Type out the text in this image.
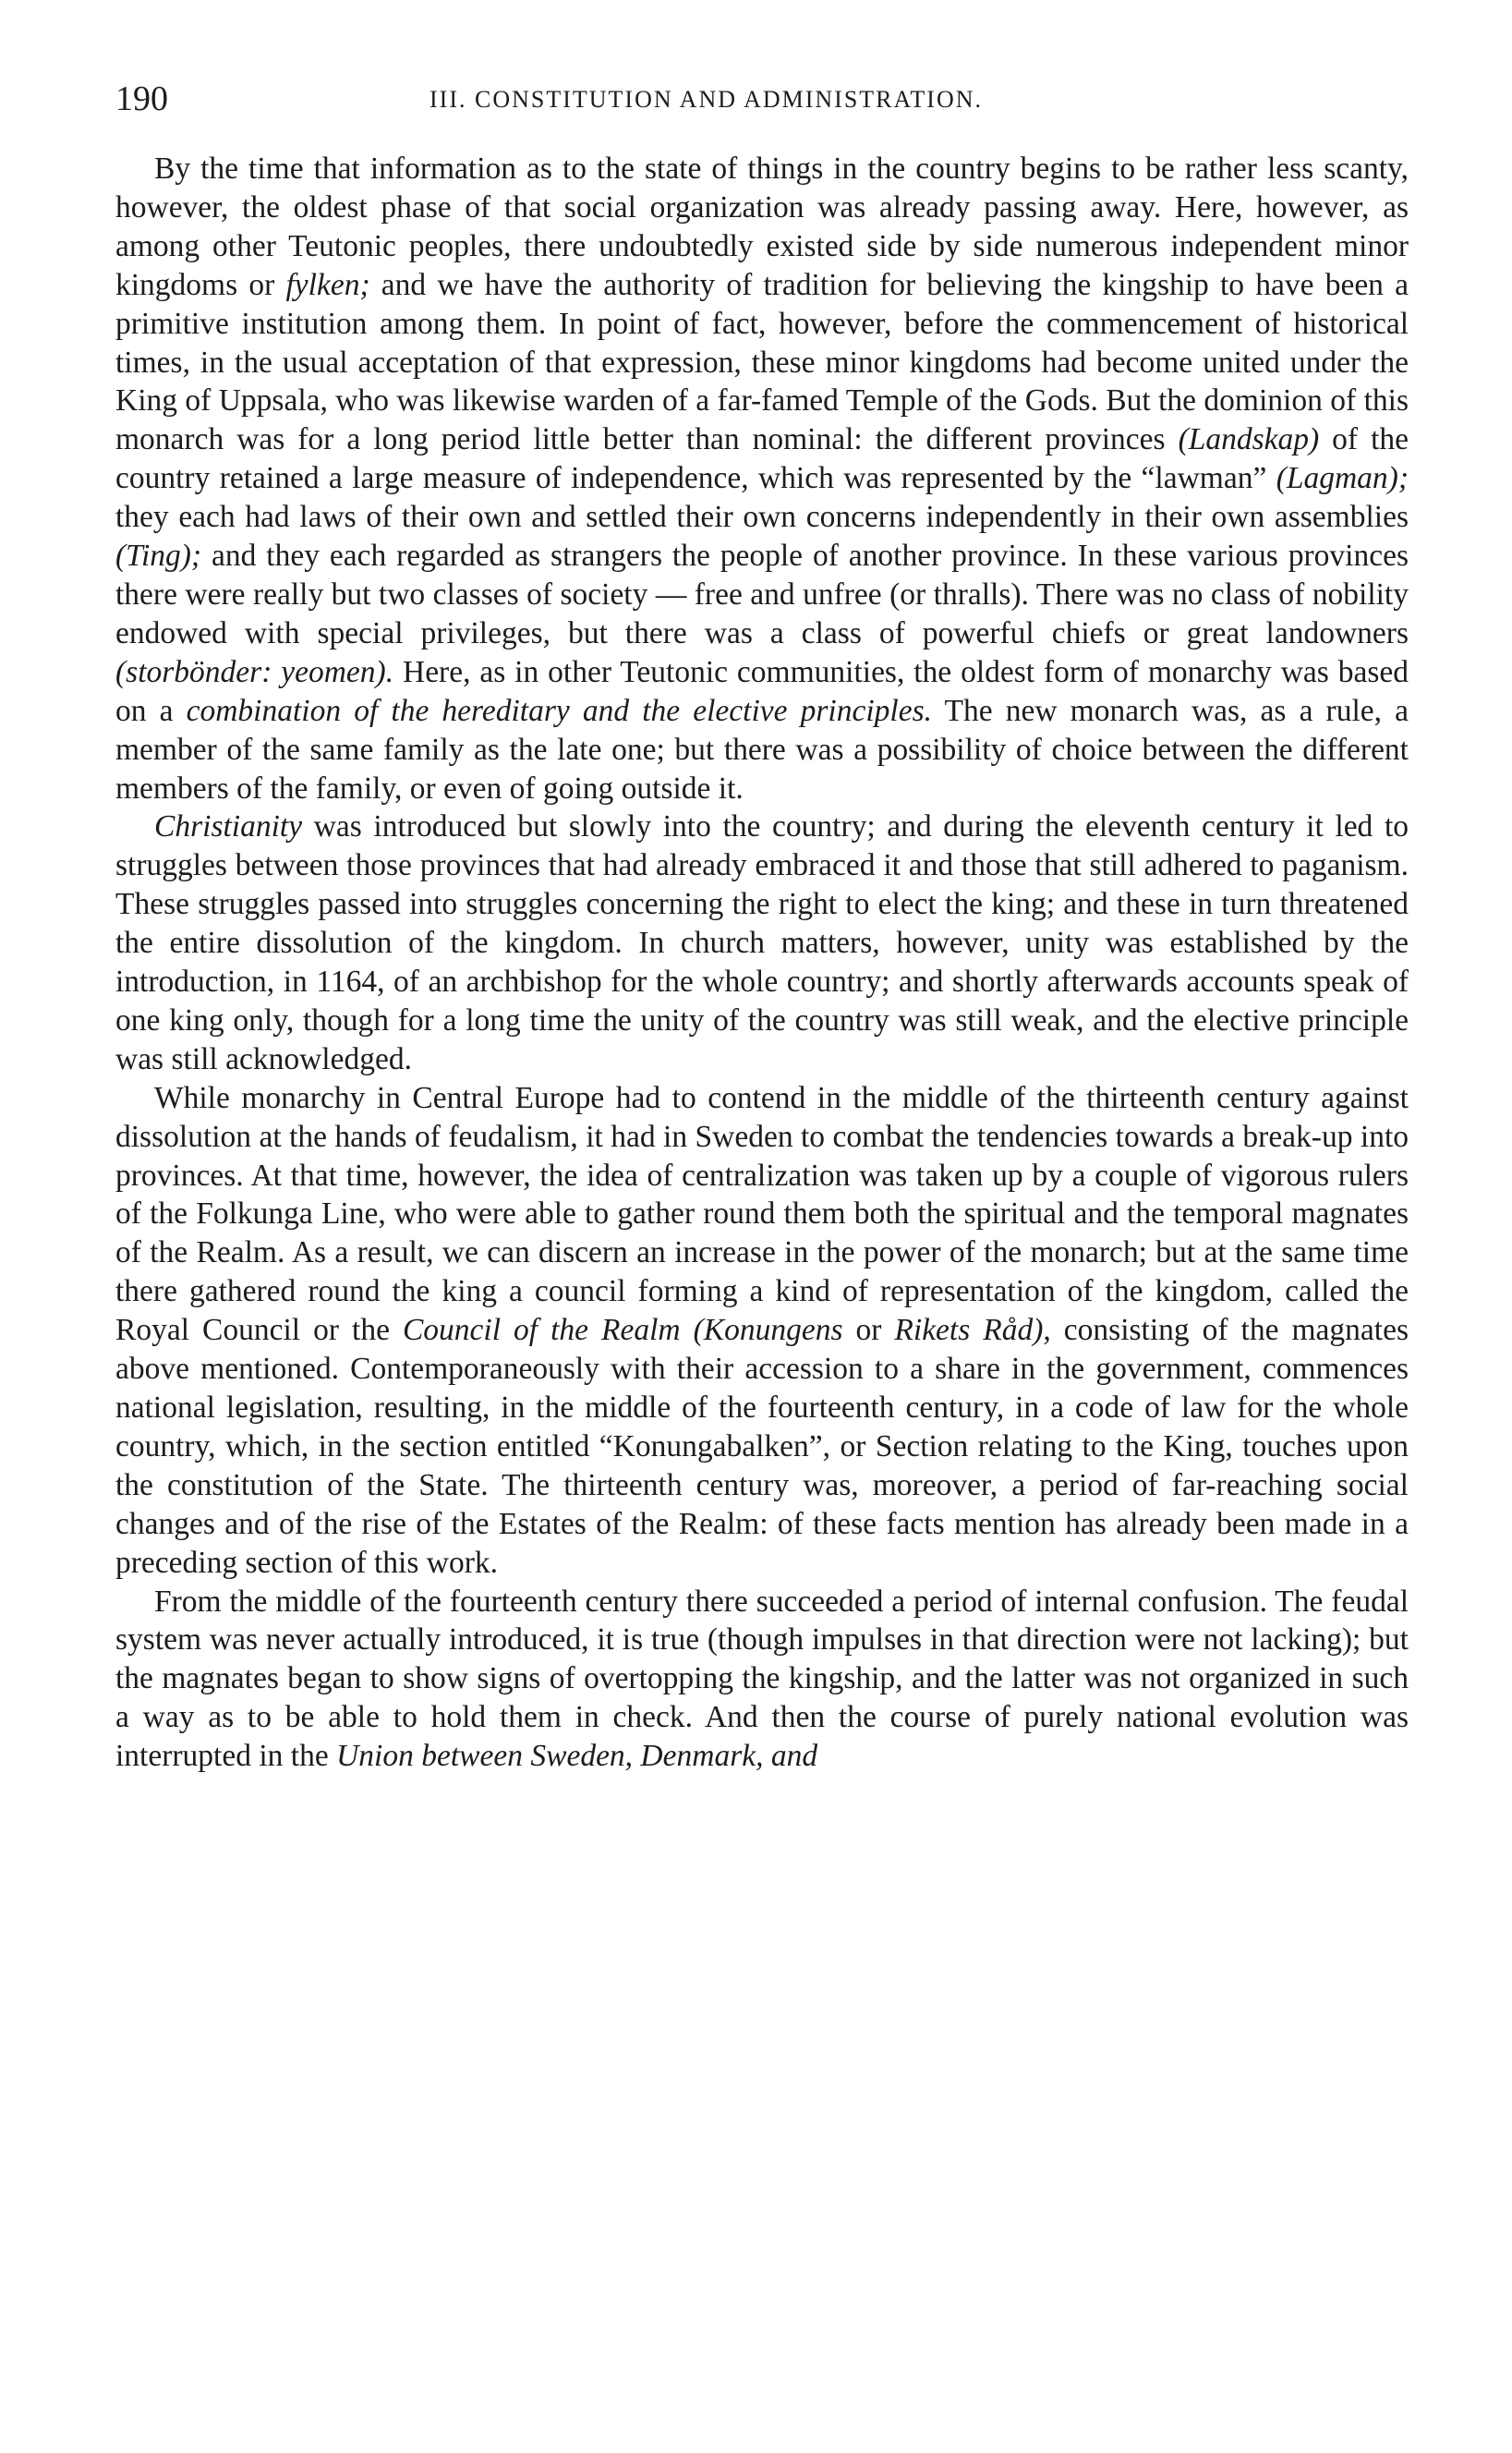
190	III. CONSTITUTION AND ADMINISTRATION.

By the time that information as to the state of things in the country begins to be rather less scanty, however, the oldest phase of that social organization was already passing away. Here, however, as among other Teutonic peoples, there undoubtedly existed side by side numerous independent minor kingdoms or fylken; and we have the authority of tradition for believing the kingship to have been a primitive institution among them. In point of fact, however, before the commencement of historical times, in the usual acceptation of that expression, these minor kingdoms had become united under the King of Uppsala, who was likewise warden of a far-famed Temple of the Gods. But the dominion of this monarch was for a long period little better than nominal: the different provinces (Landskap) of the country retained a large measure of independence, which was represented by the “lawman” (Lagman); they each had laws of their own and settled their own concerns independently in their own assemblies (Ting); and they each regarded as strangers the people of another province. In these various provinces there were really but two classes of society — free and unfree (or thralls). There was no class of nobility endowed with special privileges, but there was a class of powerful chiefs or great landowners (storbönder: yeomen). Here, as in other Teutonic communities, the oldest form of monarchy was based on a combination of the hereditary and the elective principles. The new monarch was, as a rule, a member of the same family as the late one; but there was a possibility of choice between the different members of the family, or even of going outside it.

Christianity was introduced but slowly into the country; and during the eleventh century it led to struggles between those provinces that had already embraced it and those that still adhered to paganism. These struggles passed into struggles concerning the right to elect the king; and these in turn threatened the entire dissolution of the kingdom. In church matters, however, unity was established by the introduction, in 1164, of an archbishop for the whole country; and shortly afterwards accounts speak of one king only, though for a long time the unity of the country was still weak, and the elective principle was still acknowledged.

While monarchy in Central Europe had to contend in the middle of the thirteenth century against dissolution at the hands of feudalism, it had in Sweden to combat the tendencies towards a break-up into provinces. At that time, however, the idea of centralization was taken up by a couple of vigorous rulers of the Folkunga Line, who were able to gather round them both the spiritual and the temporal magnates of the Realm. As a result, we can discern an increase in the power of the monarch; but at the same time there gathered round the king a council forming a kind of representation of the kingdom, called the Royal Council or the Council of the Realm (Konungens or Rikets Råd), consisting of the magnates above mentioned. Contemporaneously with their accession to a share in the government, commences national legislation, resulting, in the middle of the fourteenth century, in a code of law for the whole country, which, in the section entitled “Konungabalken”, or Section relating to the King, touches upon the constitution of the State. The thirteenth century was, moreover, a period of far-reaching social changes and of the rise of the Estates of the Realm: of these facts mention has already been made in a preceding section of this work.

From the middle of the fourteenth century there succeeded a period of internal confusion. The feudal system was never actually introduced, it is true (though impulses in that direction were not lacking); but the magnates began to show signs of overtopping the kingship, and the latter was not organized in such a way as to be able to hold them in check. And then the course of purely national evolution was interrupted in the Union between Sweden, Denmark, and
